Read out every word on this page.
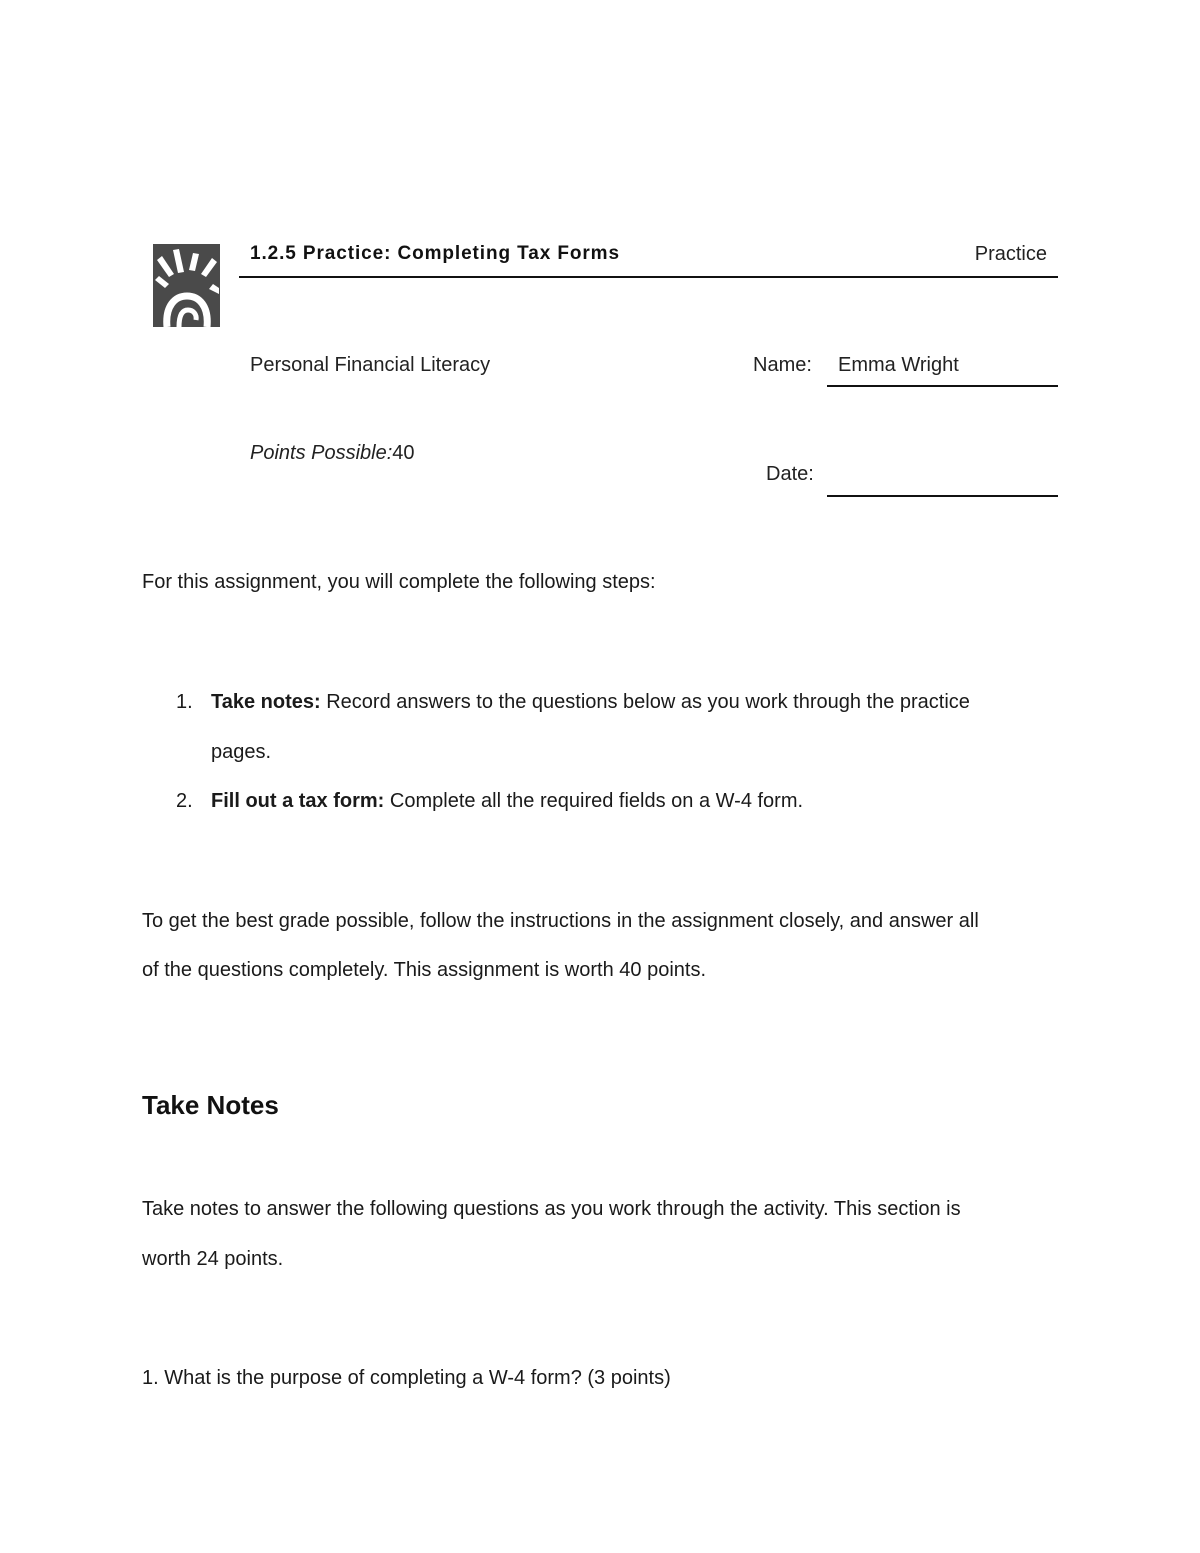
1.2.5 Practice: Completing Tax Forms	Practice
Personal Financial Literacy	Name: Emma Wright
Points Possible:40
Date:
For this assignment, you will complete the following steps:
1. Take notes: Record answers to the questions below as you work through the practice
pages.
2. Fill out a tax form: Complete all the required fields on a W-4 form.
To get the best grade possible, follow the instructions in the assignment closely, and answer all
of the questions completely. This assignment is worth 40 points.
Take Notes
Take notes to answer the following questions as you work through the activity. This section is
worth 24 points.
1. What is the purpose of completing a W-4 form? (3 points)
